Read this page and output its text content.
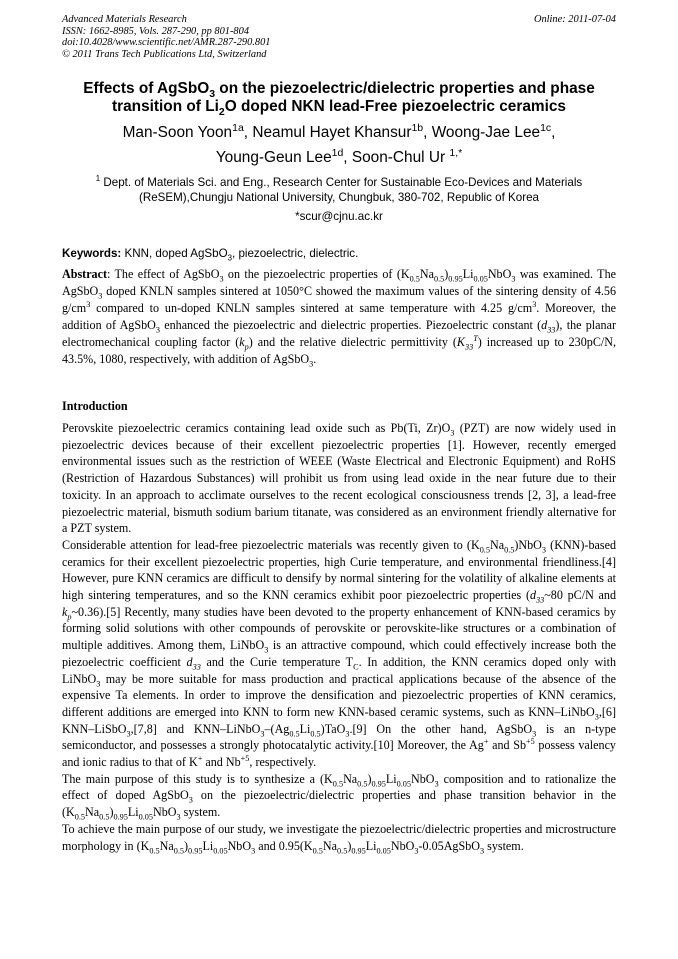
Advanced Materials Research
ISSN: 1662-8985, Vols. 287-290, pp 801-804
doi:10.4028/www.scientific.net/AMR.287-290.801
© 2011 Trans Tech Publications Ltd, Switzerland
Online: 2011-07-04
Effects of AgSbO$_3$ on the piezoelectric/dielectric properties and phase transition of $Li_2O$ doped NKN lead-Free piezoelectric ceramics
Man-Soon Yoon$^{1a}$, Neamul Hayet Khansur$^{1b}$, Woong-Jae Lee$^{1c}$,
Young-Geun Lee$^{1d}$, Soon-Chul Ur $^{1,*}$
$^1$ Dept. of Materials Sci. and Eng., Research Center for Sustainable Eco-Devices and Materials (ReSEM),Chungju National University, Chungbuk, 380-702, Republic of Korea
*scur@cjnu.ac.kr
Keywords: KNN, doped AgSbO$_3$, piezoelectric, dielectric.
Abstract: The effect of AgSbO$_3$ on the piezoelectric properties of $(K_{0.5}Na_{0.5})_{0.95}Li_{0.05}NbO_3$ was examined. The AgSbO$_3$ doped KNLN samples sintered at 1050°C showed the maximum values of the sintering density of 4.56 $g/cm^3$ compared to un-doped KNLN samples sintered at same temperature with 4.25 $g/cm^3$. Moreover, the addition of AgSbO$_3$ enhanced the piezoelectric and dielectric properties. Piezoelectric constant $(d_{33})$, the planar electromechanical coupling factor $(k_p)$ and the relative dielectric permittivity $(K_{33}^T)$ increased up to 230pC/N, 43.5%, 1080, respectively, with addition of AgSbO$_3$.
Introduction
Perovskite piezoelectric ceramics containing lead oxide such as Pb(Ti, $Zr)O_3$ (PZT) are now widely used in piezoelectric devices because of their excellent piezoelectric properties [1]. However, recently emerged environmental issues such as the restriction of WEEE (Waste Electrical and Electronic Equipment) and RoHS (Restriction of Hazardous Substances) will prohibit us from using lead oxide in the near future due to their toxicity. In an approach to acclimate ourselves to the recent ecological consciousness trends [2, 3], a lead-free piezoelectric material, bismuth sodium barium titanate, was considered as an environment friendly alternative for a PZT system.
Considerable attention for lead-free piezoelectric materials was recently given to $(K_{0.5}Na_{0.5})NbO_3$ (KNN)-based ceramics for their excellent piezoelectric properties, high Curie temperature, and environmental friendliness.[4] However, pure KNN ceramics are difficult to densify by normal sintering for the volatility of alkaline elements at high sintering temperatures, and so the KNN ceramics exhibit poor piezoelectric properties ($d_{33}\sim 80$ pC/N and $k_p\sim 0.36).[5]$ Recently, many studies have been devoted to the property enhancement of KNN-based ceramics by forming solid solutions with other compounds of perovskite or perovskite-like structures or a combination of multiple additives. Among them, LiNbO$_3$ is an attractive compound, which could effectively increase both the piezoelectric coefficient $d_{33}$ and the Curie temperature $T_C$. In addition, the KNN ceramics doped only with LiNbO$_3$ may be more suitable for mass production and practical applications because of the absence of the expensive Ta elements. In order to improve the densification and piezoelectric properties of KNN ceramics, different additions are emerged into KNN to form new KNN-based ceramic systems, such as KNN–LiNbO$_3$,[6] KNN–LiSbO$_3$,[7,8] and KNN–$LiNbO_3-(Ag_{0.5}Li_{0.5})TaO_3.[9]$ On the other hand, AgSbO$_3$ is an n-type semiconductor, and possesses a strongly photocatalytic activity.[10] Moreover, the Ag+ and $Sb^{+5}$ possess valency and ionic radius to that of K+ and $Nb^{+5}$, respectively.
The main purpose of this study is to synthesize a $(K_{0.5}Na_{0.5})_{0.95}Li_{0.05}NbO_3$ composition and to rationalize the effect of doped AgSbO$_3$ on the piezoelectric/dielectric properties and phase transition behavior in the $(K_{0.5}Na_{0.5})_{0.95}Li_{0.05}NbO_3$ system.
To achieve the main purpose of our study, we investigate the piezoelectric/dielectric properties and microstructure morphology in $(K_{0.5}Na_{0.5})_{0.95}Li_{0.05}NbO_3$ and $0.95(K_{0.5}Na_{0.5})_{0.95}Li_{0.05}NbO_3-0.05AgSbO_3$ system.
